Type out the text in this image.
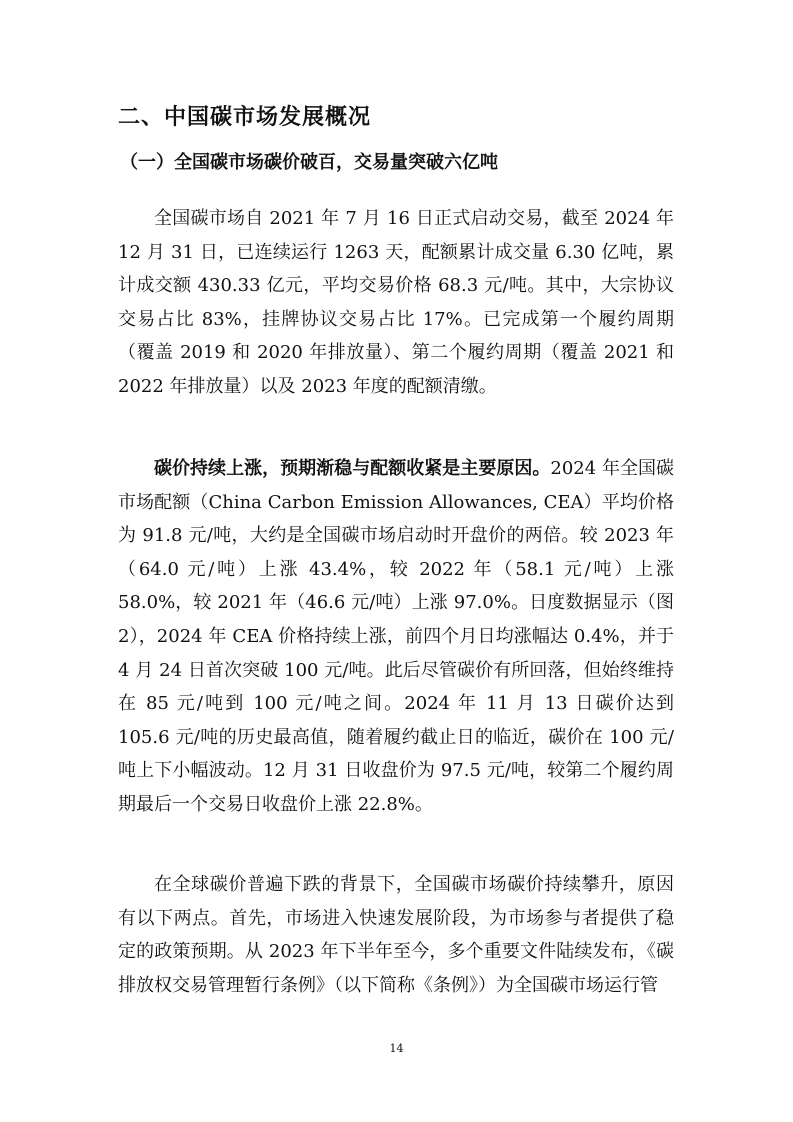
二、中国碳市场发展概况
（一）全国碳市场碳价破百，交易量突破六亿吨

全国碳市场自 2021 年 7 月 16 日正式启动交易，截至 2024 年 12 月 31 日，已连续运行 1263 天，配额累计成交量 6.30 亿吨，累计成交额 430.33 亿元，平均交易价格 68.3 元/吨。其中，大宗协议交易占比 83%，挂牌协议交易占比 17%。已完成第一个履约周期（覆盖 2019 和 2020 年排放量）、第二个履约周期（覆盖 2021 和 2022 年排放量）以及 2023 年度的配额清缴。

碳价持续上涨，预期渐稳与配额收紧是主要原因。2024 年全国碳市场配额（China Carbon Emission Allowances, CEA）平均价格为 91.8 元/吨，大约是全国碳市场启动时开盘价的两倍。较 2023 年（64.0 元/吨）上涨 43.4%，较 2022 年（58.1 元/吨）上涨 58.0%，较 2021 年（46.6 元/吨）上涨 97.0%。日度数据显示（图 2），2024 年 CEA 价格持续上涨，前四个月日均涨幅达 0.4%，并于 4 月 24 日首次突破 100 元/吨。此后尽管碳价有所回落，但始终维持在 85 元/吨到 100 元/吨之间。2024 年 11 月 13 日碳价达到 105.6 元/吨的历史最高值，随着履约截止日的临近，碳价在 100 元/吨上下小幅波动。12 月 31 日收盘价为 97.5 元/吨，较第二个履约周期最后一个交易日收盘价上涨 22.8%。

在全球碳价普遍下跌的背景下，全国碳市场碳价持续攀升，原因有以下两点。首先，市场进入快速发展阶段，为市场参与者提供了稳定的政策预期。从 2023 年下半年至今，多个重要文件陆续发布，《碳排放权交易管理暂行条例》（以下简称《条例》）为全国碳市场运行管

14
